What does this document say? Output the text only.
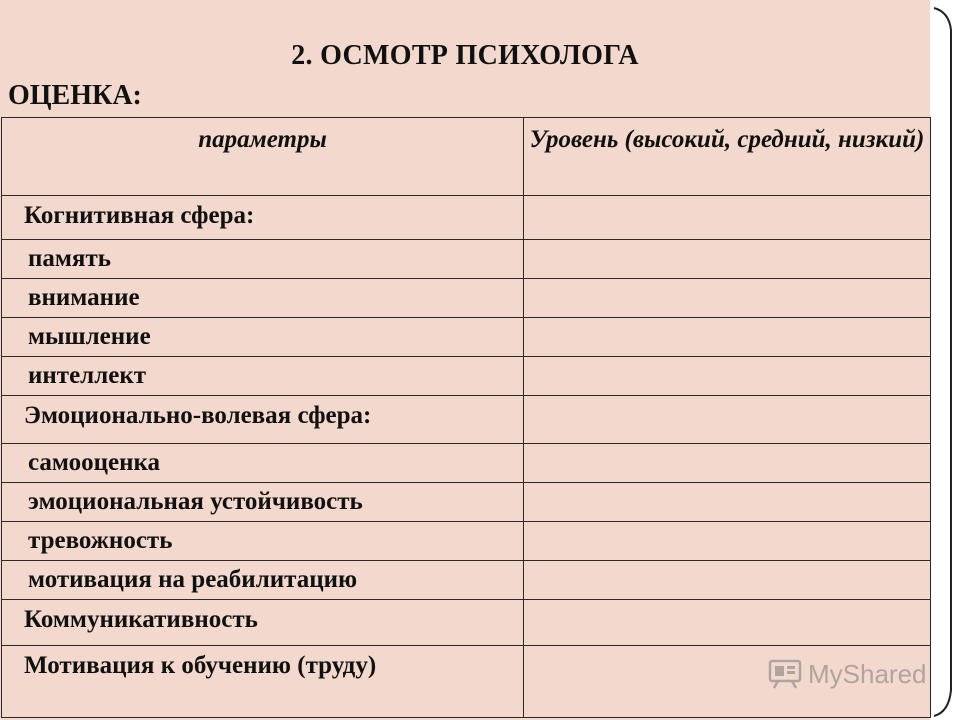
2. ОСМОТР ПСИХОЛОГА
ОЦЕНКА:
параметры	Уровень (высокий, средний, низкий)
Когнитивная сфера:	
память	
внимание	
мышление	
интеллект	
Эмоционально-волевая сфера:	
самооценка	
эмоциональная устойчивость	
тревожность	
мотивация на реабилитацию	
Коммуникативность	
Мотивация к обучению (труду)		MyShared
